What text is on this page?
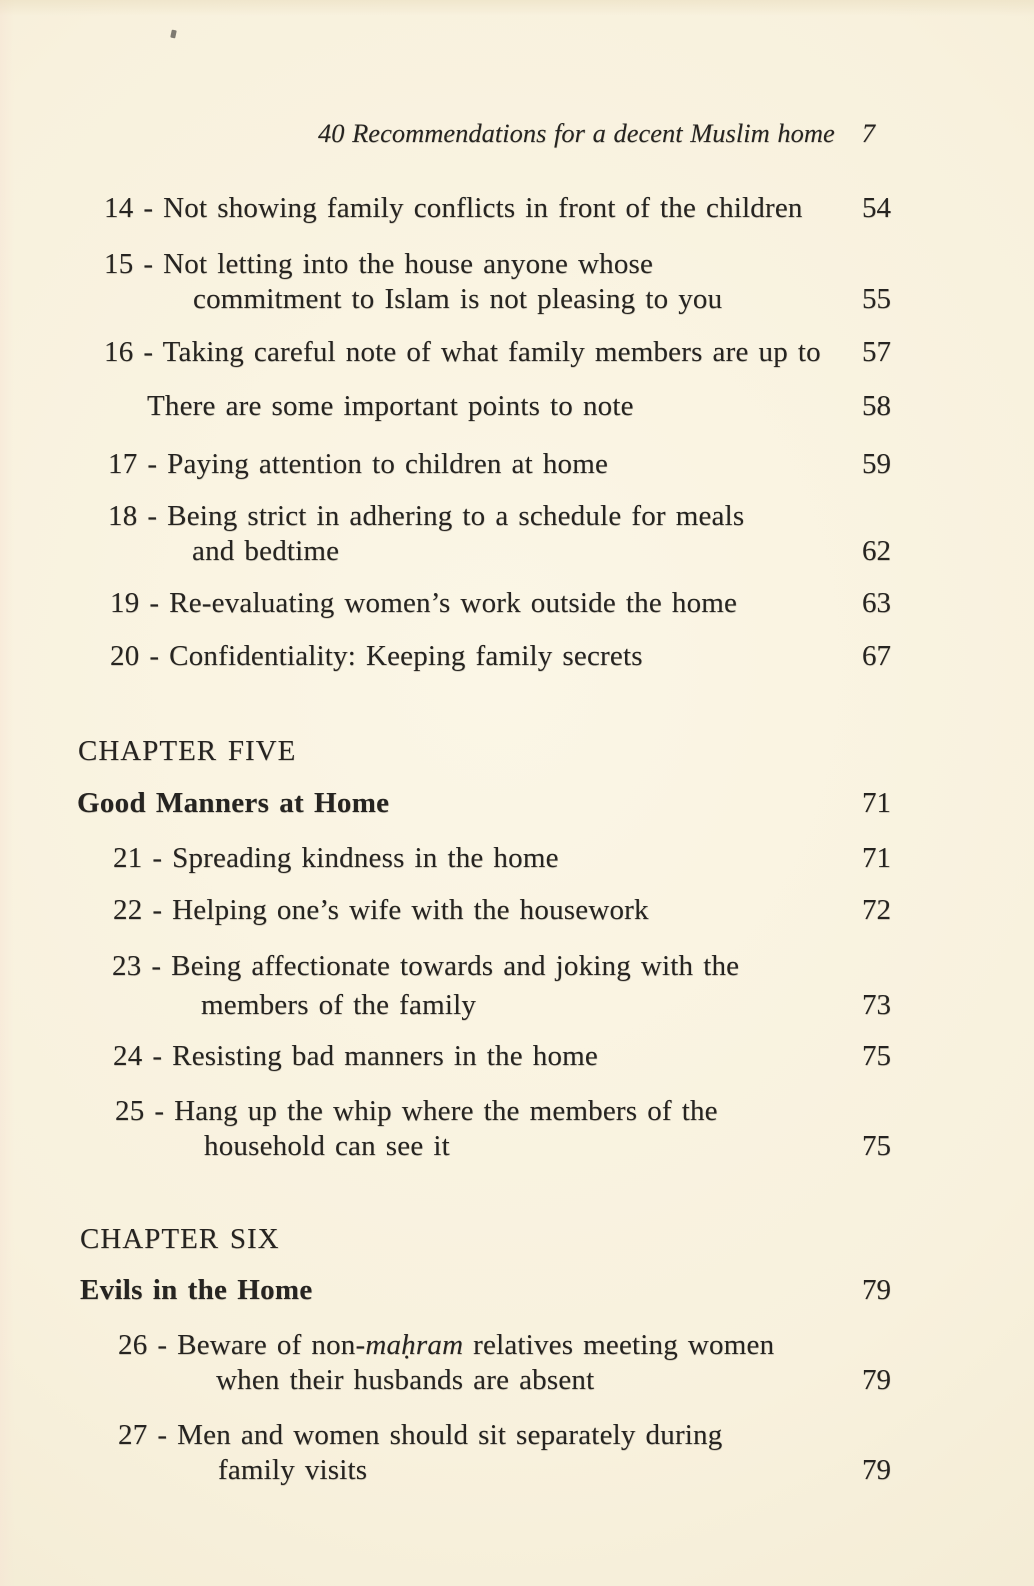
40 Recommendations for a decent Muslim home 7
14 - Not showing family conflicts in front of the children	54
15 - Not letting into the house anyone whose
commitment to Islam is not pleasing to you	55
16 - Taking careful note of what family members are up to	57
There are some important points to note	58
17 - Paying attention to children at home	59
18 - Being strict in adhering to a schedule for meals
and bedtime	62
19 - Re-evaluating women’s work outside the home	63
20 - Confidentiality: Keeping family secrets	67
CHAPTER FIVE
Good Manners at Home	71
21 - Spreading kindness in the home	71
22 - Helping one’s wife with the housework	72
23 - Being affectionate towards and joking with the
members of the family	73
24 - Resisting bad manners in the home	75
25 - Hang up the whip where the members of the
household can see it	75
CHAPTER SIX
Evils in the Home	79
26 - Beware of non-maḥram relatives meeting women
when their husbands are absent	79
27 - Men and women should sit separately during
family visits	79
